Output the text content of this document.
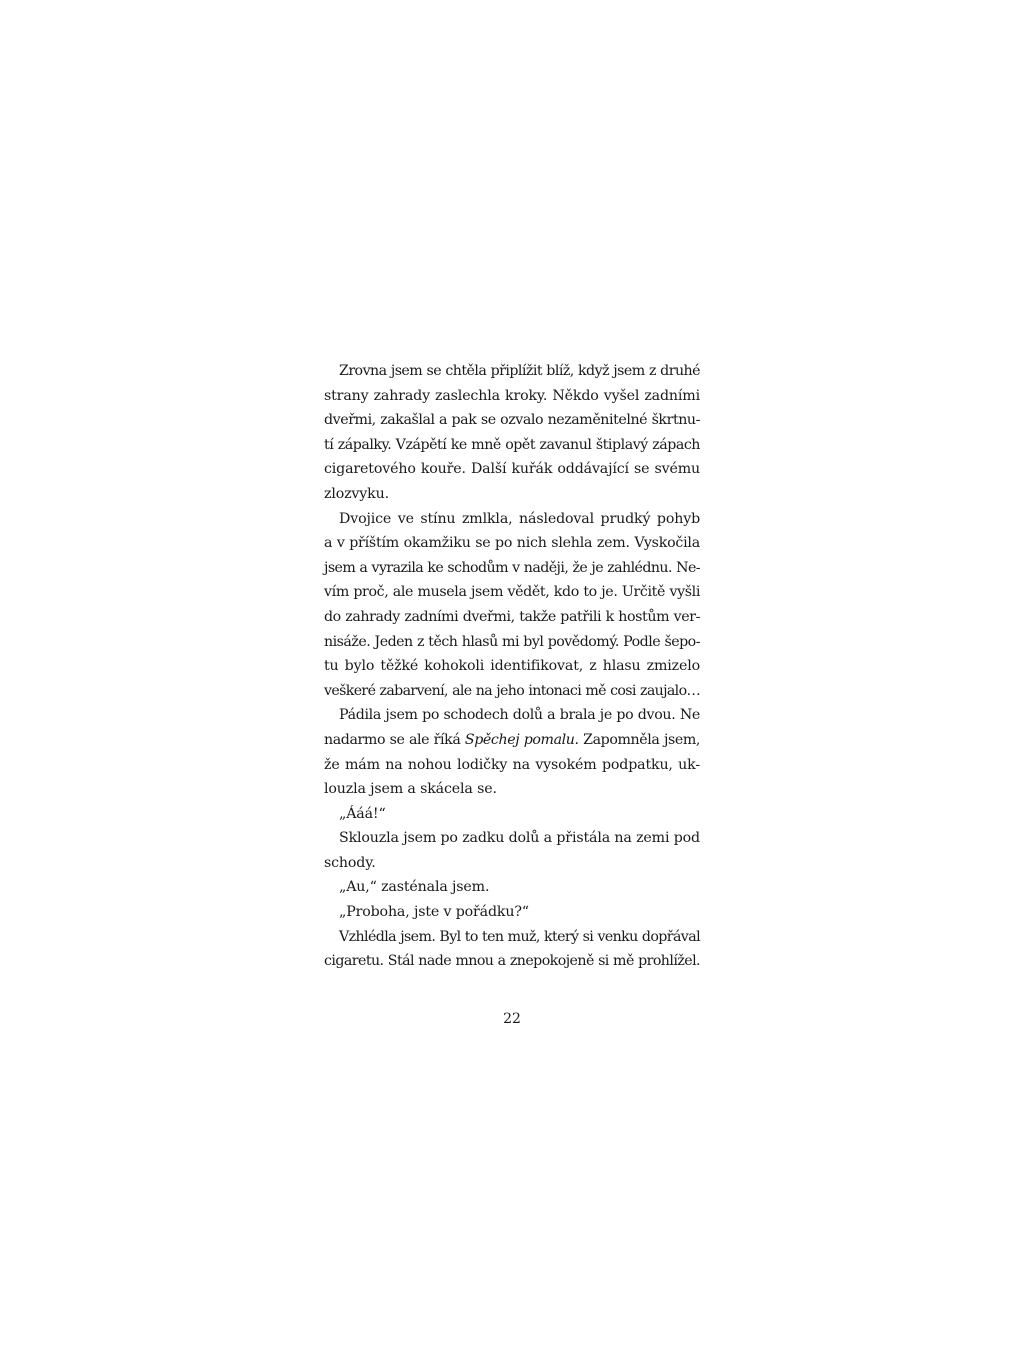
Zrovna jsem se chtěla připlížit blíž, když jsem z druhé
strany zahrady zaslechla kroky. Někdo vyšel zadními
dveřmi, zakašlal a pak se ozvalo nezaměnitelné škrtnu-
tí zápalky. Vzápětí ke mně opět zavanul štiplavý zápach
cigaretového kouře. Další kuřák oddávající se svému
zlozvyku.
Dvojice ve stínu zmlkla, následoval prudký pohyb
a v příštím okamžiku se po nich slehla zem. Vyskočila
jsem a vyrazila ke schodům v naději, že je zahlédnu. Ne-
vím proč, ale musela jsem vědět, kdo to je. Určitě vyšli
do zahrady zadními dveřmi, takže patřili k hostům ver-
nisáže. Jeden z těch hlasů mi byl povědomý. Podle šepo-
tu bylo těžké kohokoli identifikovat, z hlasu zmizelo
veškeré zabarvení, ale na jeho intonaci mě cosi zaujalo…
Pádila jsem po schodech dolů a brala je po dvou. Ne
nadarmo se ale říká Spěchej pomalu. Zapomněla jsem,
že mám na nohou lodičky na vysokém podpatku, uk-
louzla jsem a skácela se.
„Ááá!“
Sklouzla jsem po zadku dolů a přistála na zemi pod
schody.
„Au,“ zasténala jsem.
„Proboha, jste v pořádku?“
Vzhlédla jsem. Byl to ten muž, který si venku dopřával
cigaretu. Stál nade mnou a znepokojeně si mě prohlížel.
22
